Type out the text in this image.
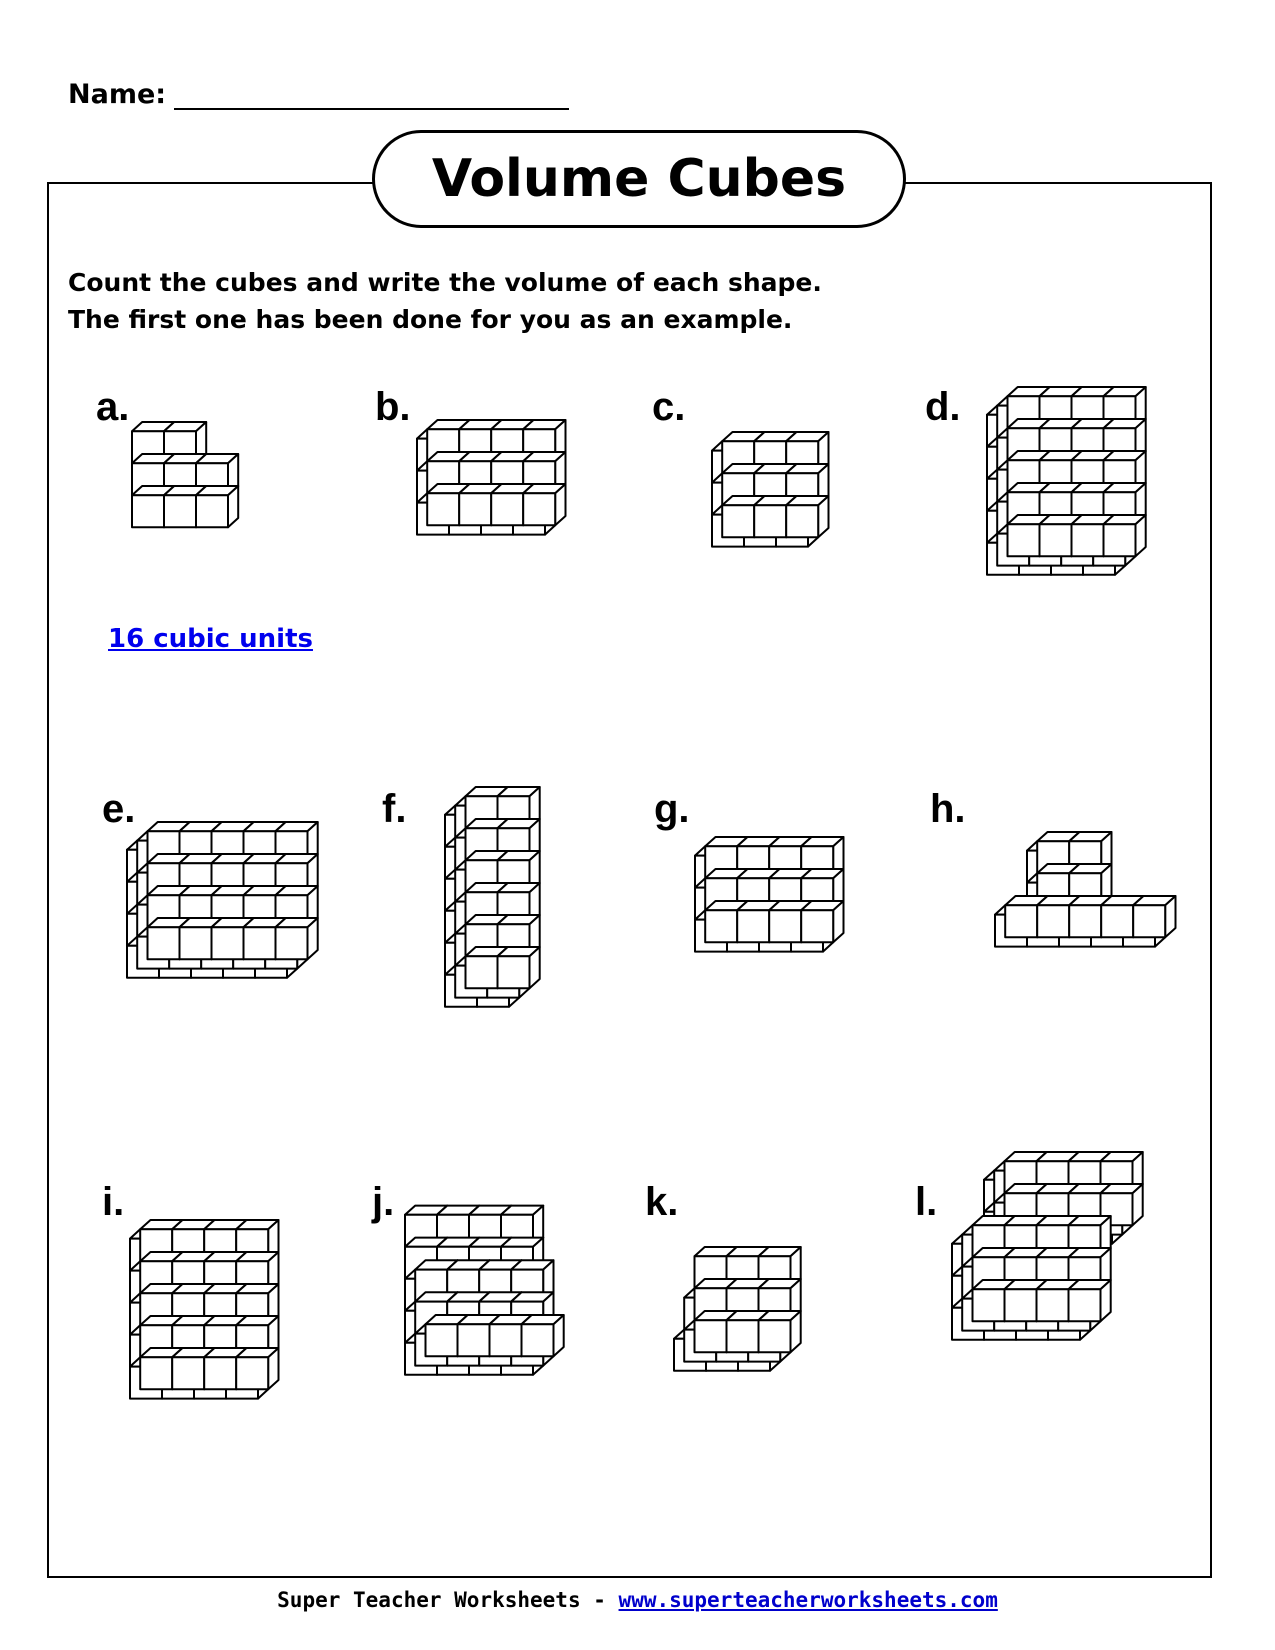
Name:
Volume Cubes
Count the cubes and write the volume of each shape.
The first one has been done for you as an example.
a.	b.	c.	d.
e.	f.	g.	h.
i.	j.	k.	l.
16 cubic units
Super Teacher Worksheets - www.superteacherworksheets.com
